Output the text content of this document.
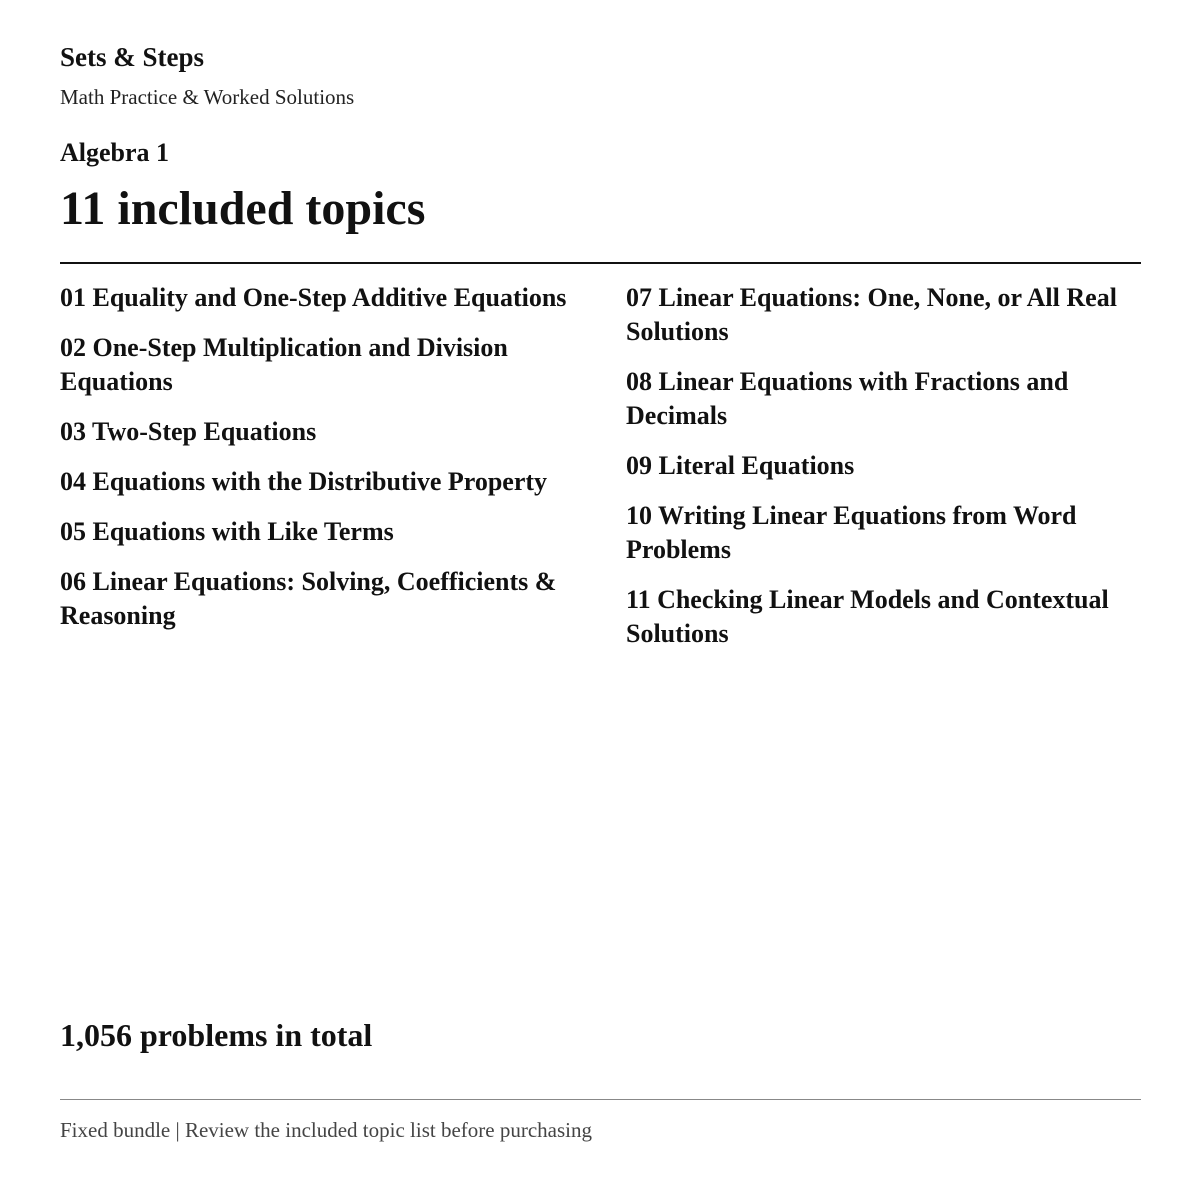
Sets & Steps

Math Practice & Worked Solutions

Algebra 1
11 included topics

01 Equality and One-Step Additive Equations

02 One-Step Multiplication and Division Equations

03 Two-Step Equations

04 Equations with the Distributive Property

05 Equations with Like Terms

06 Linear Equations: Solving, Coefficients & Reasoning

07 Linear Equations: One, None, or All Real Solutions

08 Linear Equations with Fractions and Decimals

09 Literal Equations

10 Writing Linear Equations from Word Problems

11 Checking Linear Models and Contextual Solutions

1,056 problems in total

Fixed bundle | Review the included topic list before purchasing
